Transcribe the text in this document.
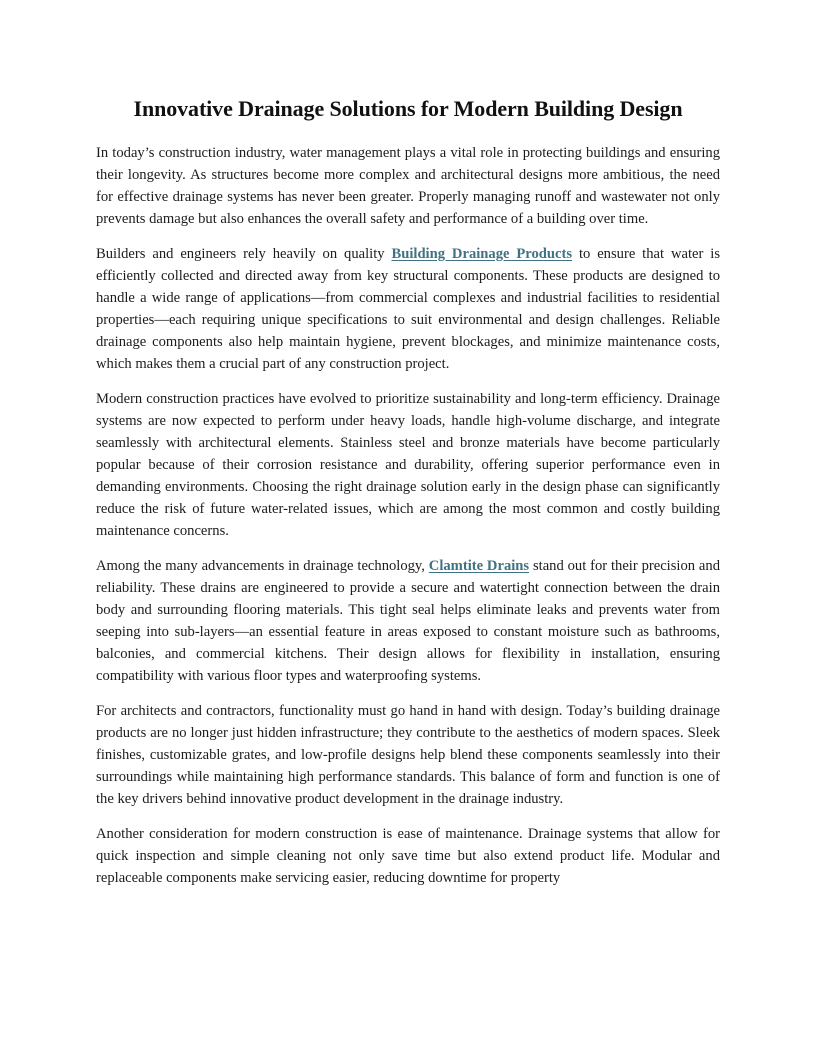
Innovative Drainage Solutions for Modern Building Design

In today’s construction industry, water management plays a vital role in protecting buildings and ensuring their longevity. As structures become more complex and architectural designs more ambitious, the need for effective drainage systems has never been greater. Properly managing runoff and wastewater not only prevents damage but also enhances the overall safety and performance of a building over time.

Builders and engineers rely heavily on quality Building Drainage Products to ensure that water is efficiently collected and directed away from key structural components. These products are designed to handle a wide range of applications—from commercial complexes and industrial facilities to residential properties—each requiring unique specifications to suit environmental and design challenges. Reliable drainage components also help maintain hygiene, prevent blockages, and minimize maintenance costs, which makes them a crucial part of any construction project.

Modern construction practices have evolved to prioritize sustainability and long-term efficiency. Drainage systems are now expected to perform under heavy loads, handle high-volume discharge, and integrate seamlessly with architectural elements. Stainless steel and bronze materials have become particularly popular because of their corrosion resistance and durability, offering superior performance even in demanding environments. Choosing the right drainage solution early in the design phase can significantly reduce the risk of future water-related issues, which are among the most common and costly building maintenance concerns.

Among the many advancements in drainage technology, Clamtite Drains stand out for their precision and reliability. These drains are engineered to provide a secure and watertight connection between the drain body and surrounding flooring materials. This tight seal helps eliminate leaks and prevents water from seeping into sub-layers—an essential feature in areas exposed to constant moisture such as bathrooms, balconies, and commercial kitchens. Their design allows for flexibility in installation, ensuring compatibility with various floor types and waterproofing systems.

For architects and contractors, functionality must go hand in hand with design. Today’s building drainage products are no longer just hidden infrastructure; they contribute to the aesthetics of modern spaces. Sleek finishes, customizable grates, and low-profile designs help blend these components seamlessly into their surroundings while maintaining high performance standards. This balance of form and function is one of the key drivers behind innovative product development in the drainage industry.

Another consideration for modern construction is ease of maintenance. Drainage systems that allow for quick inspection and simple cleaning not only save time but also extend product life. Modular and replaceable components make servicing easier, reducing downtime for property
